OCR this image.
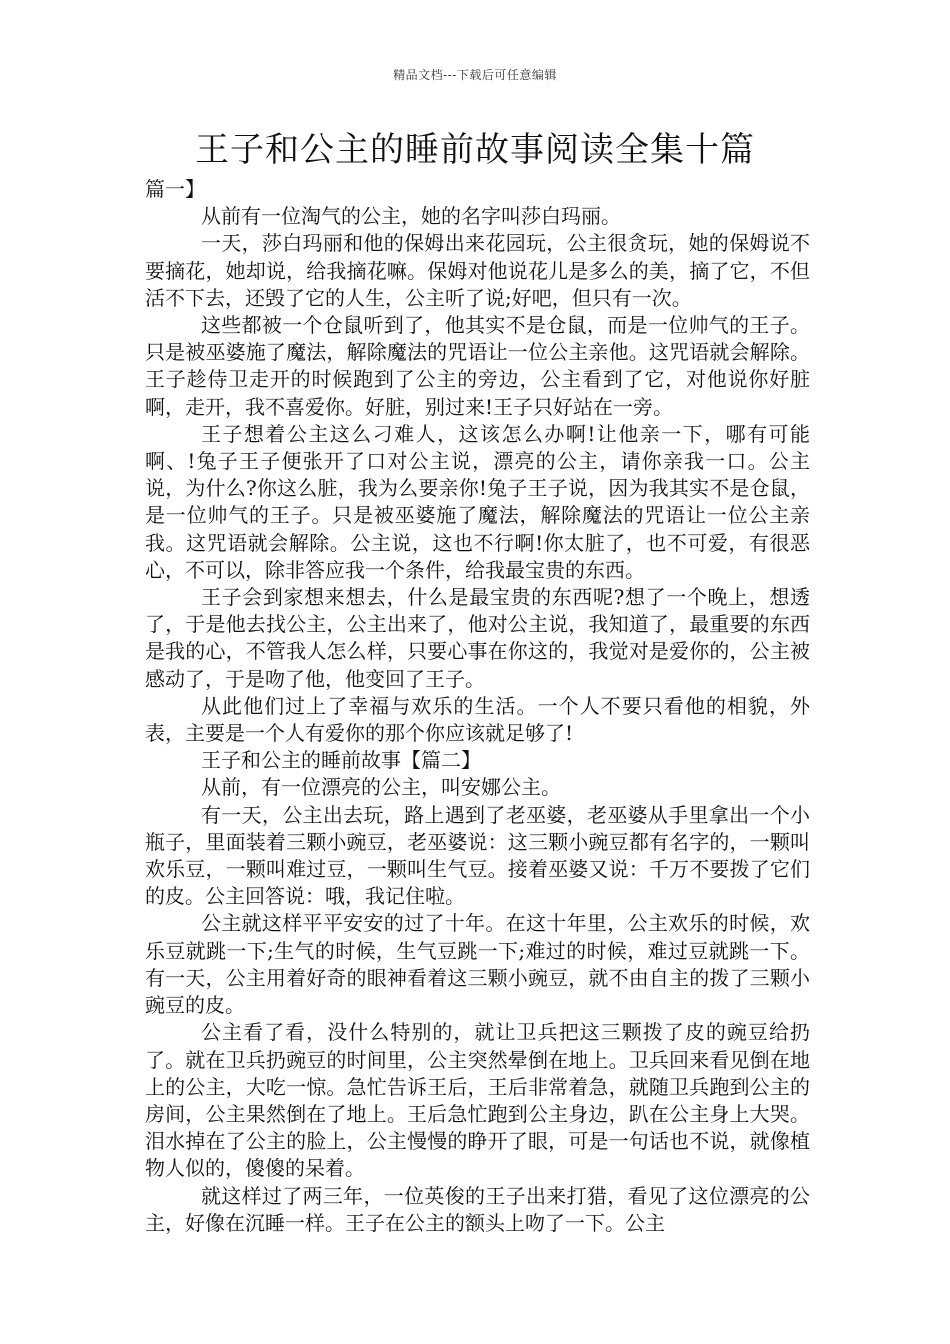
精品文档---下载后可任意编辑
王子和公主的睡前故事阅读全集十篇

篇一】

从前有一位淘气的公主，她的名字叫莎白玛丽。

一天，莎白玛丽和他的保姆出来花园玩，公主很贪玩，她的保姆说不要摘花，她却说，给我摘花嘛。保姆对他说花儿是多么的美，摘了它，不但活不下去，还毁了它的人生，公主听了说;好吧，但只有一次。

这些都被一个仓鼠听到了，他其实不是仓鼠，而是一位帅气的王子。只是被巫婆施了魔法，解除魔法的咒语让一位公主亲他。这咒语就会解除。王子趁侍卫走开的时候跑到了公主的旁边，公主看到了它，对他说你好脏啊，走开，我不喜爱你。好脏，别过来!王子只好站在一旁。

王子想着公主这么刁难人，这该怎么办啊!让他亲一下，哪有可能啊、!兔子王子便张开了口对公主说，漂亮的公主，请你亲我一口。公主说，为什么?你这么脏，我为么要亲你!兔子王子说，因为我其实不是仓鼠，是一位帅气的王子。只是被巫婆施了魔法，解除魔法的咒语让一位公主亲我。这咒语就会解除。公主说，这也不行啊!你太脏了，也不可爱，有很恶心，不可以，除非答应我一个条件，给我最宝贵的东西。

王子会到家想来想去，什么是最宝贵的东西呢?想了一个晚上，想透了，于是他去找公主，公主出来了，他对公主说，我知道了，最重要的东西是我的心，不管我人怎么样，只要心事在你这的，我觉对是爱你的，公主被感动了，于是吻了他，他变回了王子。

从此他们过上了幸福与欢乐的生活。一个人不要只看他的相貌，外表，主要是一个人有爱你的那个你应该就足够了!

王子和公主的睡前故事【篇二】

从前，有一位漂亮的公主，叫安娜公主。

有一天，公主出去玩，路上遇到了老巫婆，老巫婆从手里拿出一个小瓶子，里面装着三颗小豌豆，老巫婆说：这三颗小豌豆都有名字的，一颗叫欢乐豆，一颗叫难过豆，一颗叫生气豆。接着巫婆又说：千万不要拨了它们的皮。公主回答说：哦，我记住啦。

公主就这样平平安安的过了十年。在这十年里，公主欢乐的时候，欢乐豆就跳一下;生气的时候，生气豆跳一下;难过的时候，难过豆就跳一下。有一天，公主用着好奇的眼神看着这三颗小豌豆，就不由自主的拨了三颗小豌豆的皮。

公主看了看，没什么特别的，就让卫兵把这三颗拨了皮的豌豆给扔了。就在卫兵扔豌豆的时间里，公主突然晕倒在地上。卫兵回来看见倒在地上的公主，大吃一惊。急忙告诉王后，王后非常着急，就随卫兵跑到公主的房间，公主果然倒在了地上。王后急忙跑到公主身边，趴在公主身上大哭。泪水掉在了公主的脸上，公主慢慢的睁开了眼，可是一句话也不说，就像植物人似的，傻傻的呆着。

就这样过了两三年，一位英俊的王子出来打猎，看见了这位漂亮的公主，好像在沉睡一样。王子在公主的额头上吻了一下。公主
